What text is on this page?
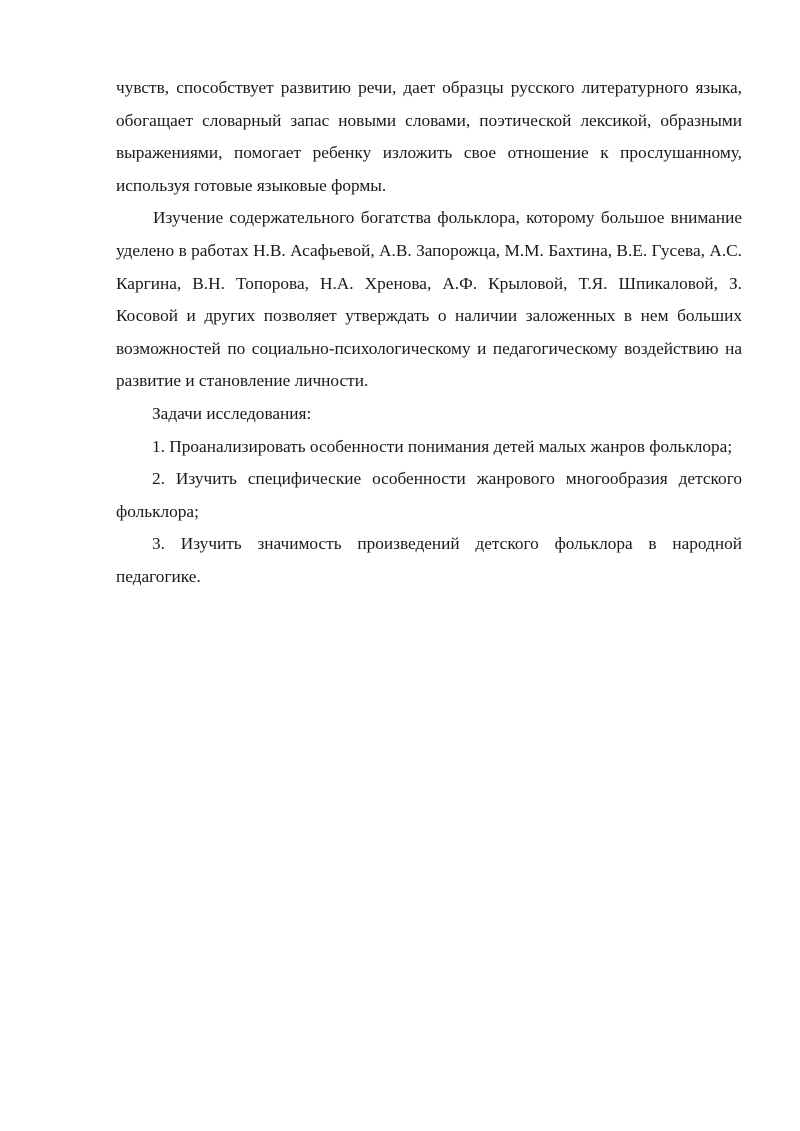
чувств, способствует развитию речи, дает образцы русского литературного языка, обогащает словарный запас новыми словами, поэтической лексикой, образными выражениями, помогает ребенку изложить свое отношение к прослушанному, используя готовые языковые формы.

Изучение содержательного богатства фольклора, которому большое внимание уделено в работах Н.В. Асафьевой, А.В. Запорожца, М.М. Бахтина, В.Е. Гусева, А.С. Каргина, В.Н. Топорова, Н.А. Хренова, А.Ф. Крыловой, Т.Я. Шпикаловой, З. Косовой и других позволяет утверждать о наличии заложенных в нем больших возможностей по социально-психологическому и педагогическому воздействию на развитие и становление личности.

Задачи исследования:

1. Проанализировать особенности понимания детей малых жанров фольклора;

2. Изучить специфические особенности жанрового многообразия детского фольклора;

3. Изучить значимость произведений детского фольклора в народной педагогике.
